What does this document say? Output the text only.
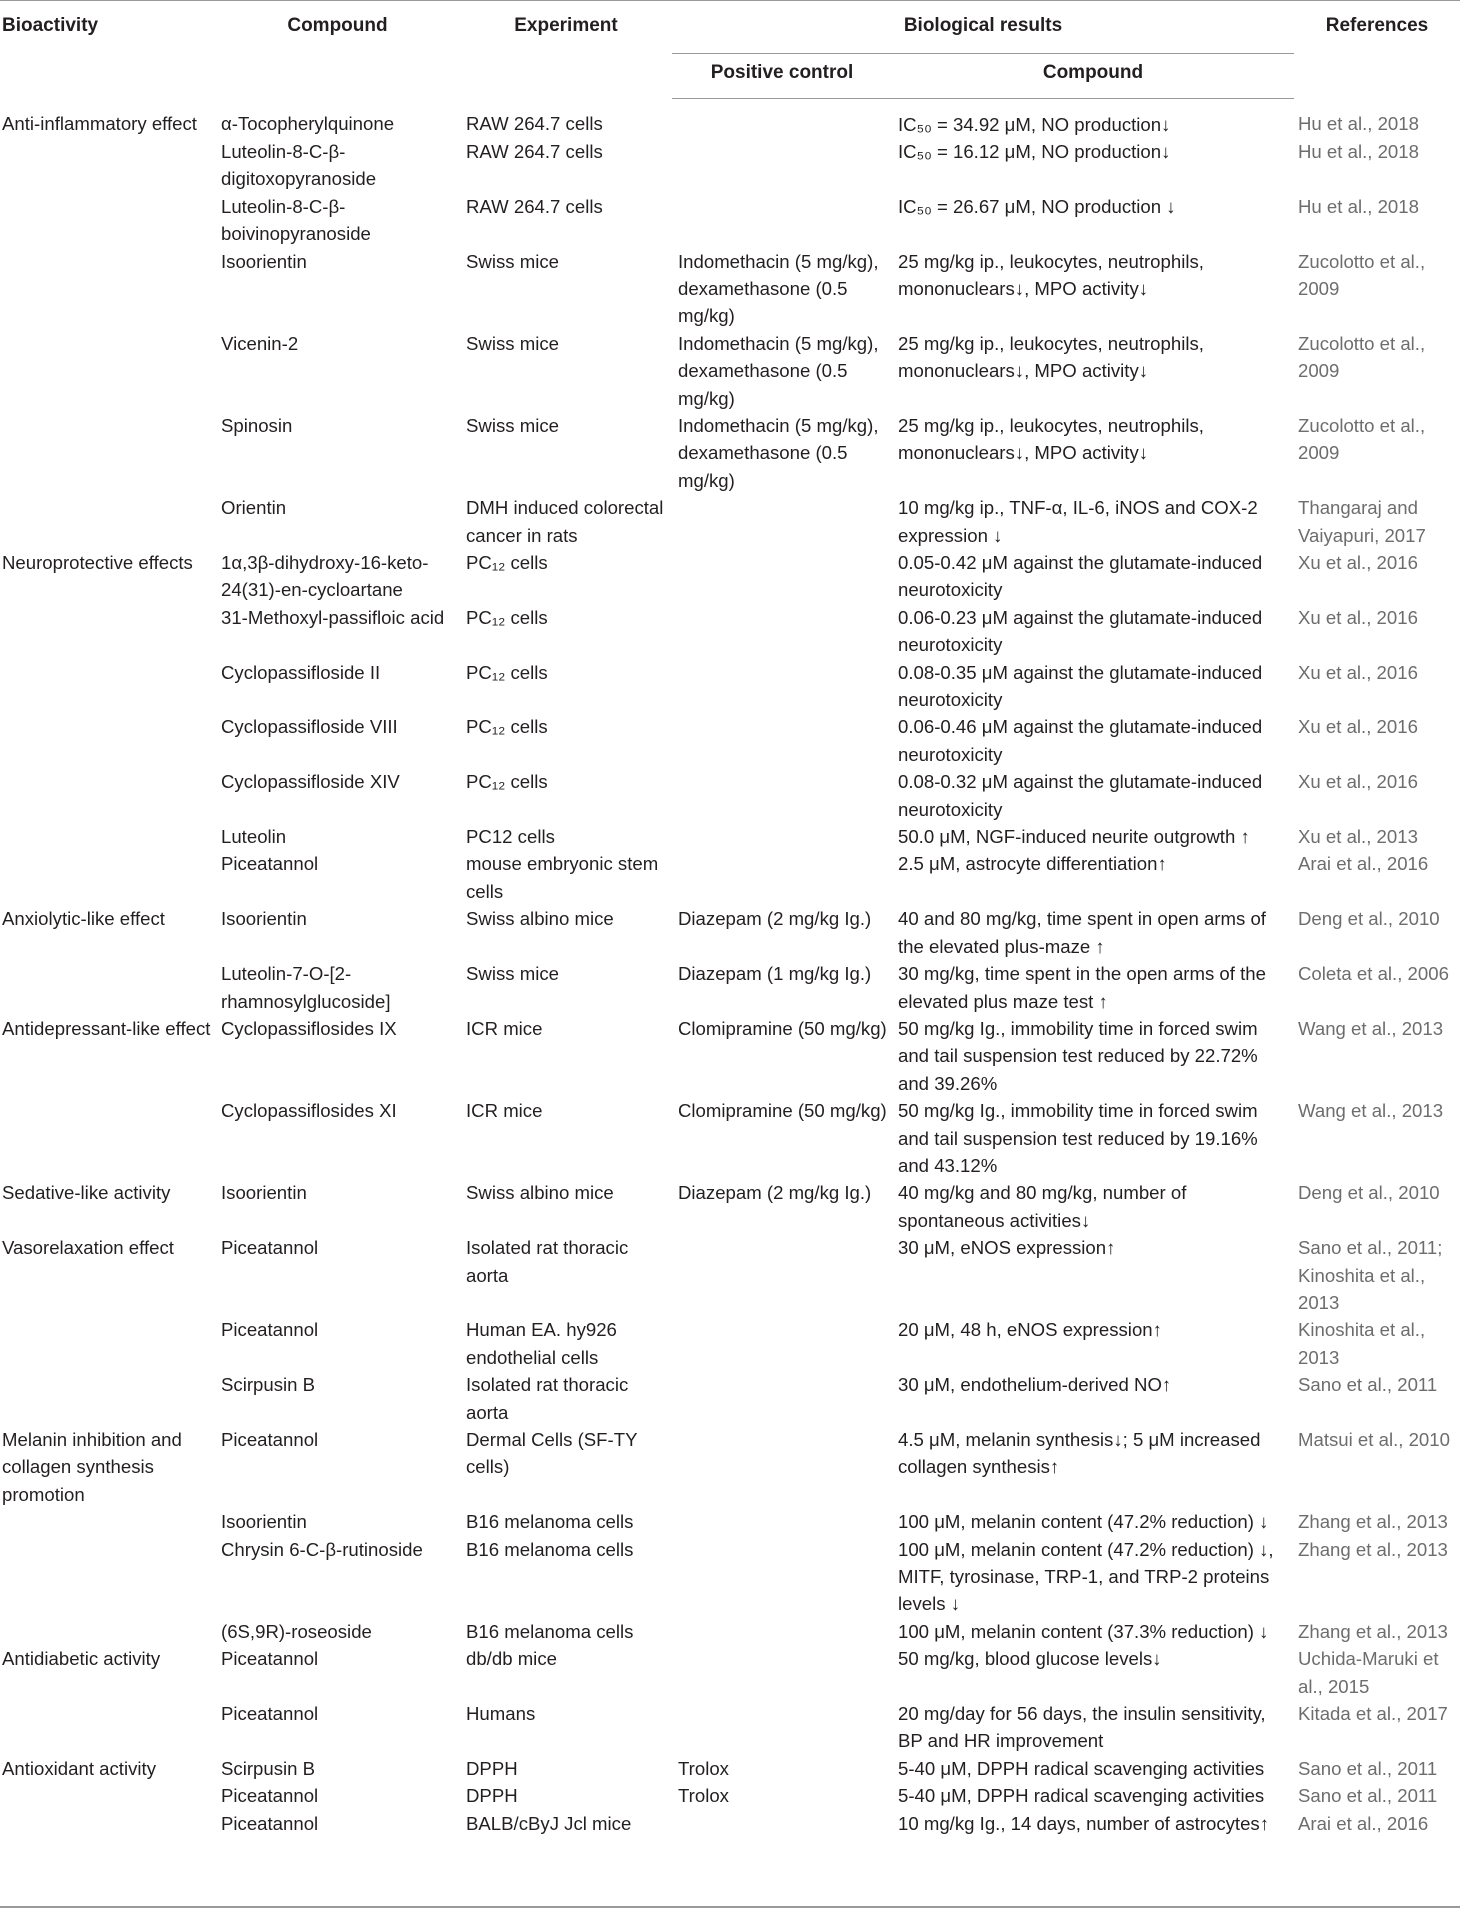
Bioactivity	Compound	Experiment	Biological results		References
			Positive control	Compound	
Anti-inflammatory effect	α-Tocopherylquinone	RAW 264.7 cells		IC₅₀ = 34.92 μM, NO production↓	Hu et al., 2018
	Luteolin-8-C-β-digitoxopyranoside	RAW 264.7 cells		IC₅₀ = 16.12 μM, NO production↓	Hu et al., 2018
	Luteolin-8-C-β-boivinopyranoside	RAW 264.7 cells		IC₅₀ = 26.67 μM, NO production ↓	Hu et al., 2018
	Isoorientin	Swiss mice	Indomethacin (5 mg/kg), dexamethasone (0.5 mg/kg)	25 mg/kg ip., leukocytes, neutrophils, mononuclears↓, MPO activity↓	Zucolotto et al., 2009
	Vicenin-2	Swiss mice	Indomethacin (5 mg/kg), dexamethasone (0.5 mg/kg)	25 mg/kg ip., leukocytes, neutrophils, mononuclears↓, MPO activity↓	Zucolotto et al., 2009
	Spinosin	Swiss mice	Indomethacin (5 mg/kg), dexamethasone (0.5 mg/kg)	25 mg/kg ip., leukocytes, neutrophils, mononuclears↓, MPO activity↓	Zucolotto et al., 2009
	Orientin	DMH induced colorectal cancer in rats		10 mg/kg ip., TNF-α, IL-6, iNOS and COX-2 expression ↓	Thangaraj and Vaiyapuri, 2017
Neuroprotective effects	1α,3β-dihydroxy-16-keto-24(31)-en-cycloartane	PC₁₂ cells		0.05-0.42 μM against the glutamate-induced neurotoxicity	Xu et al., 2016
	31-Methoxyl-passifloic acid	PC₁₂ cells		0.06-0.23 μM against the glutamate-induced neurotoxicity	Xu et al., 2016
	Cyclopassifloside II	PC₁₂ cells		0.08-0.35 μM against the glutamate-induced neurotoxicity	Xu et al., 2016
	Cyclopassifloside VIII	PC₁₂ cells		0.06-0.46 μM against the glutamate-induced neurotoxicity	Xu et al., 2016
	Cyclopassifloside XIV	PC₁₂ cells		0.08-0.32 μM against the glutamate-induced neurotoxicity	Xu et al., 2016
	Luteolin	PC12 cells		50.0 μM, NGF-induced neurite outgrowth ↑	Xu et al., 2013
	Piceatannol	mouse embryonic stem cells		2.5 μM, astrocyte differentiation↑	Arai et al., 2016
Anxiolytic-like effect	Isoorientin	Swiss albino mice	Diazepam (2 mg/kg Ig.)	40 and 80 mg/kg, time spent in open arms of the elevated plus-maze ↑	Deng et al., 2010
	Luteolin-7-O-[2-rhamnosylglucoside]	Swiss mice	Diazepam (1 mg/kg Ig.)	30 mg/kg, time spent in the open arms of the elevated plus maze test ↑	Coleta et al., 2006
Antidepressant-like effect	Cyclopassiflosides IX	ICR mice	Clomipramine (50 mg/kg)	50 mg/kg Ig., immobility time in forced swim and tail suspension test reduced by 22.72% and 39.26%	Wang et al., 2013
	Cyclopassiflosides XI	ICR mice	Clomipramine (50 mg/kg)	50 mg/kg Ig., immobility time in forced swim and tail suspension test reduced by 19.16% and 43.12%	Wang et al., 2013
Sedative-like activity	Isoorientin	Swiss albino mice	Diazepam (2 mg/kg Ig.)	40 mg/kg and 80 mg/kg, number of spontaneous activities↓	Deng et al., 2010
Vasorelaxation effect	Piceatannol	Isolated rat thoracic aorta		30 μM, eNOS expression↑	Sano et al., 2011; Kinoshita et al., 2013
	Piceatannol	Human EA. hy926 endothelial cells		20 μM, 48 h, eNOS expression↑	Kinoshita et al., 2013
	Scirpusin B	Isolated rat thoracic aorta		30 μM, endothelium-derived NO↑	Sano et al., 2011
Melanin inhibition and collagen synthesis promotion	Piceatannol	Dermal Cells (SF-TY cells)		4.5 μM, melanin synthesis↓; 5 μM increased collagen synthesis↑	Matsui et al., 2010
	Isoorientin	B16 melanoma cells		100 μM, melanin content (47.2% reduction) ↓	Zhang et al., 2013
	Chrysin 6-C-β-rutinoside	B16 melanoma cells		100 μM, melanin content (47.2% reduction) ↓, MITF, tyrosinase, TRP-1, and TRP-2 proteins levels ↓	Zhang et al., 2013
	(6S,9R)-roseoside	B16 melanoma cells		100 μM, melanin content (37.3% reduction) ↓	Zhang et al., 2013
Antidiabetic activity	Piceatannol	db/db mice		50 mg/kg, blood glucose levels↓	Uchida-Maruki et al., 2015
	Piceatannol	Humans		20 mg/day for 56 days, the insulin sensitivity, BP and HR improvement	Kitada et al., 2017
Antioxidant activity	Scirpusin B	DPPH	Trolox	5-40 μM, DPPH radical scavenging activities	Sano et al., 2011
	Piceatannol	DPPH	Trolox	5-40 μM, DPPH radical scavenging activities	Sano et al., 2011
	Piceatannol	BALB/cByJ Jcl mice		10 mg/kg Ig., 14 days, number of astrocytes↑	Arai et al., 2016
